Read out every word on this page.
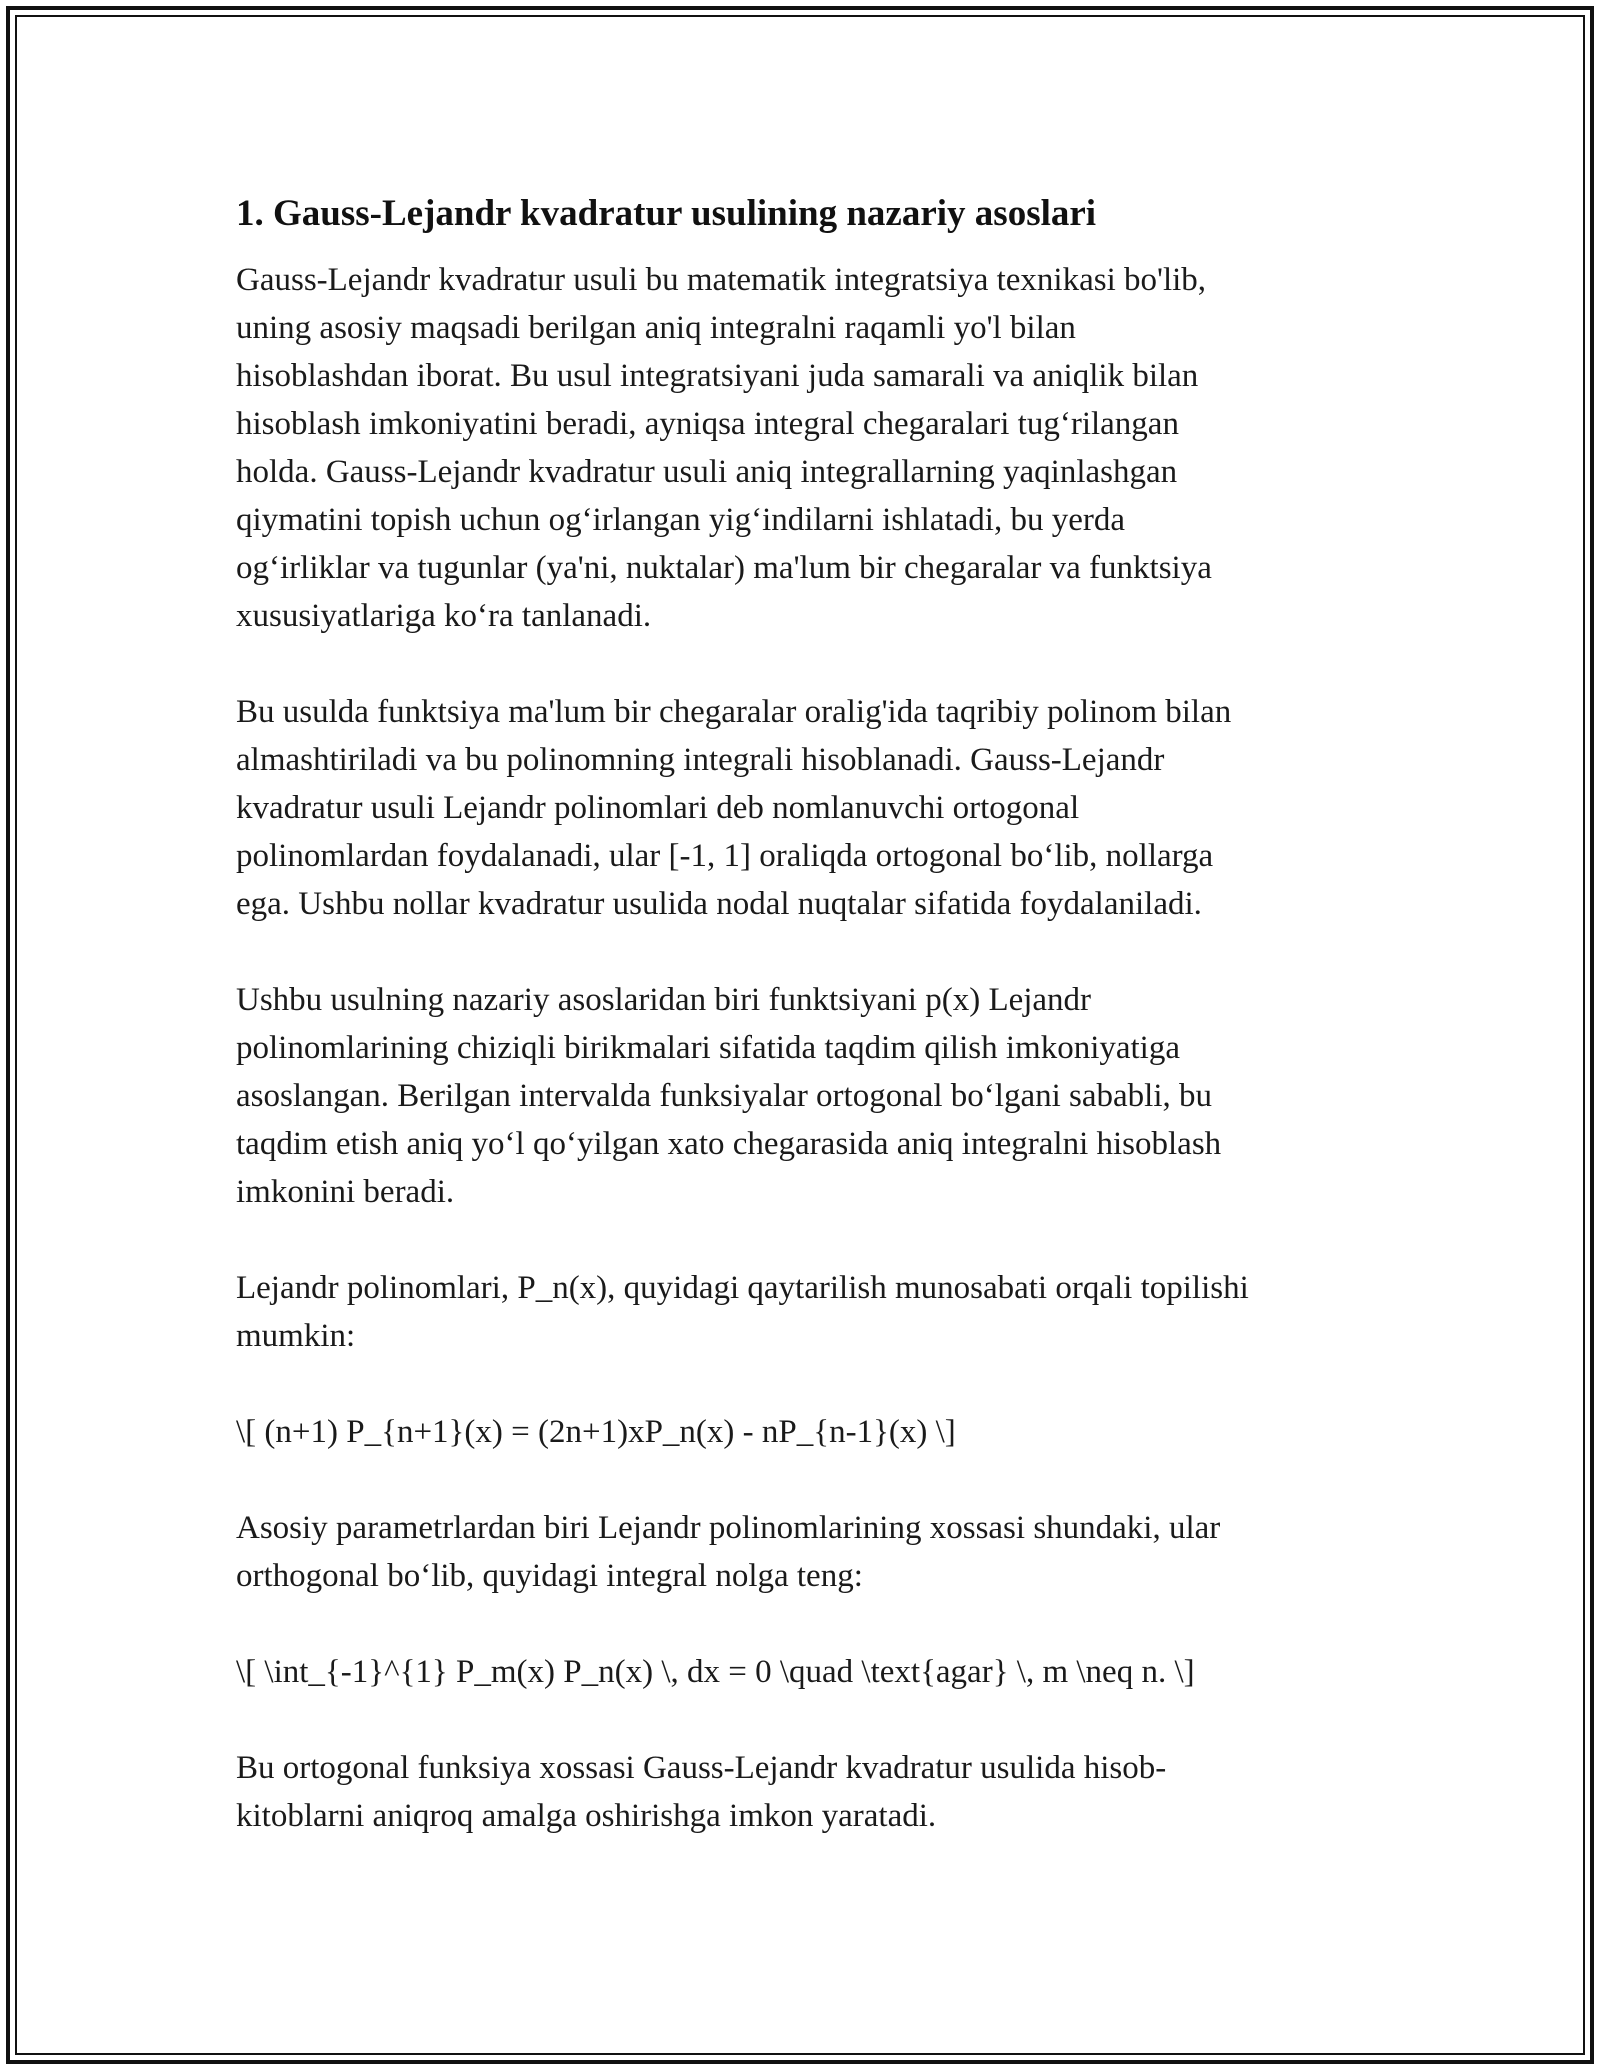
1. Gauss-Lejandr kvadratur usulining nazariy asoslari

Gauss-Lejandr kvadratur usuli bu matematik integratsiya texnikasi bo'lib,
uning asosiy maqsadi berilgan aniq integralni raqamli yo'l bilan
hisoblashdan iborat. Bu usul integratsiyani juda samarali va aniqlik bilan
hisoblash imkoniyatini beradi, ayniqsa integral chegaralari tug‘rilangan
holda. Gauss-Lejandr kvadratur usuli aniq integrallarning yaqinlashgan
qiymatini topish uchun og‘irlangan yig‘indilarni ishlatadi, bu yerda
og‘irliklar va tugunlar (ya'ni, nuktalar) ma'lum bir chegaralar va funktsiya
xususiyatlariga ko‘ra tanlanadi.

Bu usulda funktsiya ma'lum bir chegaralar oralig'ida taqribiy polinom bilan
almashtiriladi va bu polinomning integrali hisoblanadi. Gauss-Lejandr
kvadratur usuli Lejandr polinomlari deb nomlanuvchi ortogonal
polinomlardan foydalanadi, ular [-1, 1] oraliqda ortogonal bo‘lib, nollarga
ega. Ushbu nollar kvadratur usulida nodal nuqtalar sifatida foydalaniladi.

Ushbu usulning nazariy asoslaridan biri funktsiyani p(x) Lejandr
polinomlarining chiziqli birikmalari sifatida taqdim qilish imkoniyatiga
asoslangan. Berilgan intervalda funksiyalar ortogonal bo‘lgani sababli, bu
taqdim etish aniq yo‘l qo‘yilgan xato chegarasida aniq integralni hisoblash
imkonini beradi.

Lejandr polinomlari, P_n(x), quyidagi qaytarilish munosabati orqali topilishi
mumkin:

\[ (n+1) P_{n+1}(x) = (2n+1)xP_n(x) - nP_{n-1}(x) \]

Asosiy parametrlardan biri Lejandr polinomlarining xossasi shundaki, ular
orthogonal bo‘lib, quyidagi integral nolga teng:

\[ \int_{-1}^{1} P_m(x) P_n(x) \, dx = 0 \quad \text{agar} \, m \neq n. \]

Bu ortogonal funksiya xossasi Gauss-Lejandr kvadratur usulida hisob-
kitoblarni aniqroq amalga oshirishga imkon yaratadi.
